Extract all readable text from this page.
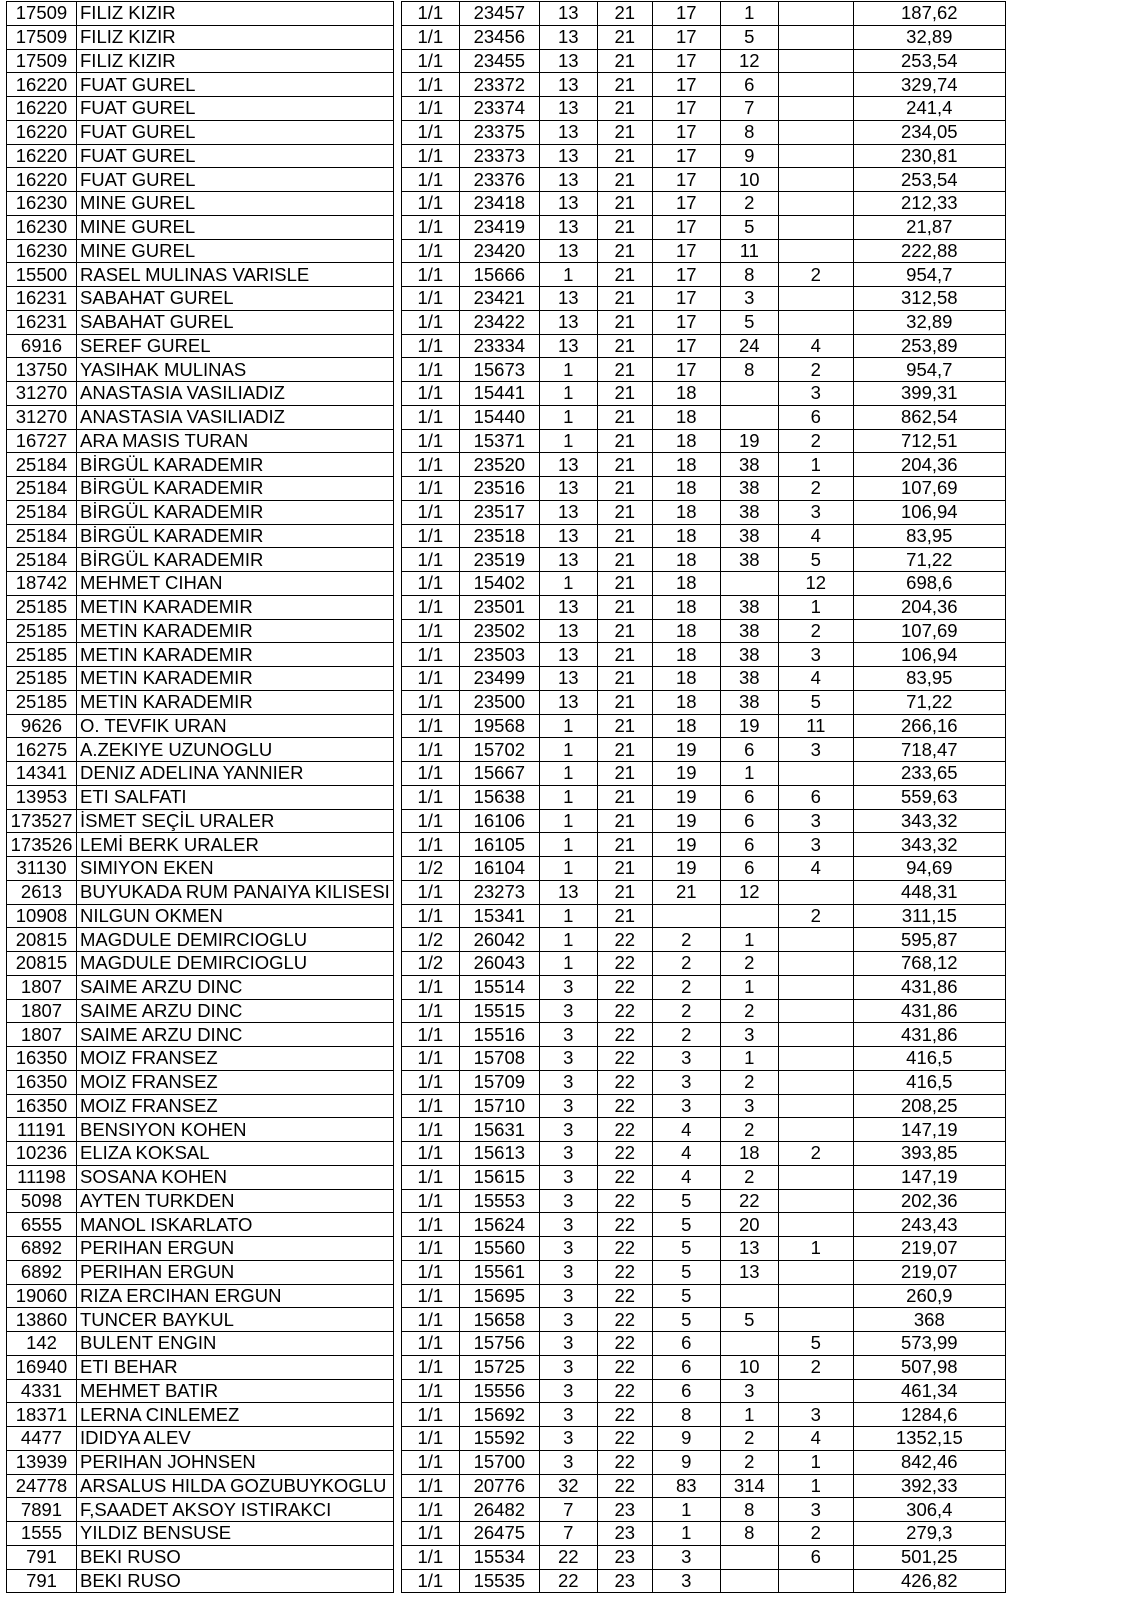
17509	FILIZ KIZIR		1/1	23457	13	21	17	1		187,62	
17509	FILIZ KIZIR		1/1	23456	13	21	17	5		32,89	
17509	FILIZ KIZIR		1/1	23455	13	21	17	12		253,54	
16220	FUAT GUREL		1/1	23372	13	21	17	6		329,74	
16220	FUAT GUREL		1/1	23374	13	21	17	7		241,4	
16220	FUAT GUREL		1/1	23375	13	21	17	8		234,05	
16220	FUAT GUREL		1/1	23373	13	21	17	9		230,81	
16220	FUAT GUREL		1/1	23376	13	21	17	10		253,54	
16230	MINE GUREL		1/1	23418	13	21	17	2		212,33	
16230	MINE GUREL		1/1	23419	13	21	17	5		21,87	
16230	MINE GUREL		1/1	23420	13	21	17	11		222,88	
15500	RASEL MULINAS VARISLE		1/1	15666	1	21	17	8	2	954,7	
16231	SABAHAT GUREL		1/1	23421	13	21	17	3		312,58	
16231	SABAHAT GUREL		1/1	23422	13	21	17	5		32,89	
6916	SEREF GUREL		1/1	23334	13	21	17	24	4	253,89	
13750	YASIHAK MULINAS		1/1	15673	1	21	17	8	2	954,7	
31270	ANASTASIA VASILIADIZ		1/1	15441	1	21	18		3	399,31	
31270	ANASTASIA VASILIADIZ		1/1	15440	1	21	18		6	862,54	
16727	ARA MASIS TURAN		1/1	15371	1	21	18	19	2	712,51	
25184	BİRGÜL KARADEMIR		1/1	23520	13	21	18	38	1	204,36	
25184	BİRGÜL KARADEMIR		1/1	23516	13	21	18	38	2	107,69	
25184	BİRGÜL KARADEMIR		1/1	23517	13	21	18	38	3	106,94	
25184	BİRGÜL KARADEMIR		1/1	23518	13	21	18	38	4	83,95	
25184	BİRGÜL KARADEMIR		1/1	23519	13	21	18	38	5	71,22	
18742	MEHMET CIHAN		1/1	15402	1	21	18		12	698,6	
25185	METIN KARADEMIR		1/1	23501	13	21	18	38	1	204,36	
25185	METIN KARADEMIR		1/1	23502	13	21	18	38	2	107,69	
25185	METIN KARADEMIR		1/1	23503	13	21	18	38	3	106,94	
25185	METIN KARADEMIR		1/1	23499	13	21	18	38	4	83,95	
25185	METIN KARADEMIR		1/1	23500	13	21	18	38	5	71,22	
9626	O. TEVFIK URAN		1/1	19568	1	21	18	19	11	266,16	
16275	A.ZEKIYE UZUNOGLU		1/1	15702	1	21	19	6	3	718,47	
14341	DENIZ ADELINA YANNIER		1/1	15667	1	21	19	1		233,65	
13953	ETI SALFATI		1/1	15638	1	21	19	6	6	559,63	
173527	İSMET SEÇİL URALER		1/1	16106	1	21	19	6	3	343,32	
173526	LEMİ BERK URALER		1/1	16105	1	21	19	6	3	343,32	
31130	SIMIYON EKEN		1/2	16104	1	21	19	6	4	94,69	
2613	BUYUKADA RUM PANAIYA KILISESI		1/1	23273	13	21	21	12		448,31	
10908	NILGUN OKMEN		1/1	15341	1	21			2	311,15	
20815	MAGDULE DEMIRCIOGLU		1/2	26042	1	22	2	1		595,87	
20815	MAGDULE DEMIRCIOGLU		1/2	26043	1	22	2	2		768,12	
1807	SAIME ARZU DINC		1/1	15514	3	22	2	1		431,86	
1807	SAIME ARZU DINC		1/1	15515	3	22	2	2		431,86	
1807	SAIME ARZU DINC		1/1	15516	3	22	2	3		431,86	
16350	MOIZ FRANSEZ		1/1	15708	3	22	3	1		416,5	
16350	MOIZ FRANSEZ		1/1	15709	3	22	3	2		416,5	
16350	MOIZ FRANSEZ		1/1	15710	3	22	3	3		208,25	
11191	BENSIYON KOHEN		1/1	15631	3	22	4	2		147,19	
10236	ELIZA KOKSAL		1/1	15613	3	22	4	18	2	393,85	
11198	SOSANA KOHEN		1/1	15615	3	22	4	2		147,19	
5098	AYTEN TURKDEN		1/1	15553	3	22	5	22		202,36	
6555	MANOL ISKARLATO		1/1	15624	3	22	5	20		243,43	
6892	PERIHAN ERGUN		1/1	15560	3	22	5	13	1	219,07	
6892	PERIHAN ERGUN		1/1	15561	3	22	5	13		219,07	
19060	RIZA ERCIHAN ERGUN		1/1	15695	3	22	5			260,9	
13860	TUNCER BAYKUL		1/1	15658	3	22	5	5		368	
142	BULENT ENGIN		1/1	15756	3	22	6		5	573,99	
16940	ETI BEHAR		1/1	15725	3	22	6	10	2	507,98	
4331	MEHMET BATIR		1/1	15556	3	22	6	3		461,34	
18371	LERNA CINLEMEZ		1/1	15692	3	22	8	1	3	1284,6	
4477	IDIDYA ALEV		1/1	15592	3	22	9	2	4	1352,15	
13939	PERIHAN JOHNSEN		1/1	15700	3	22	9	2	1	842,46	
24778	ARSALUS HILDA GOZUBUYKOGLU		1/1	20776	32	22	83	314	1	392,33	
7891	F,SAADET AKSOY ISTIRAKCI		1/1	26482	7	23	1	8	3	306,4	
1555	YILDIZ BENSUSE		1/1	26475	7	23	1	8	2	279,3	
791	BEKI RUSO		1/1	15534	22	23	3		6	501,25	
791	BEKI RUSO		1/1	15535	22	23	3			426,82	
